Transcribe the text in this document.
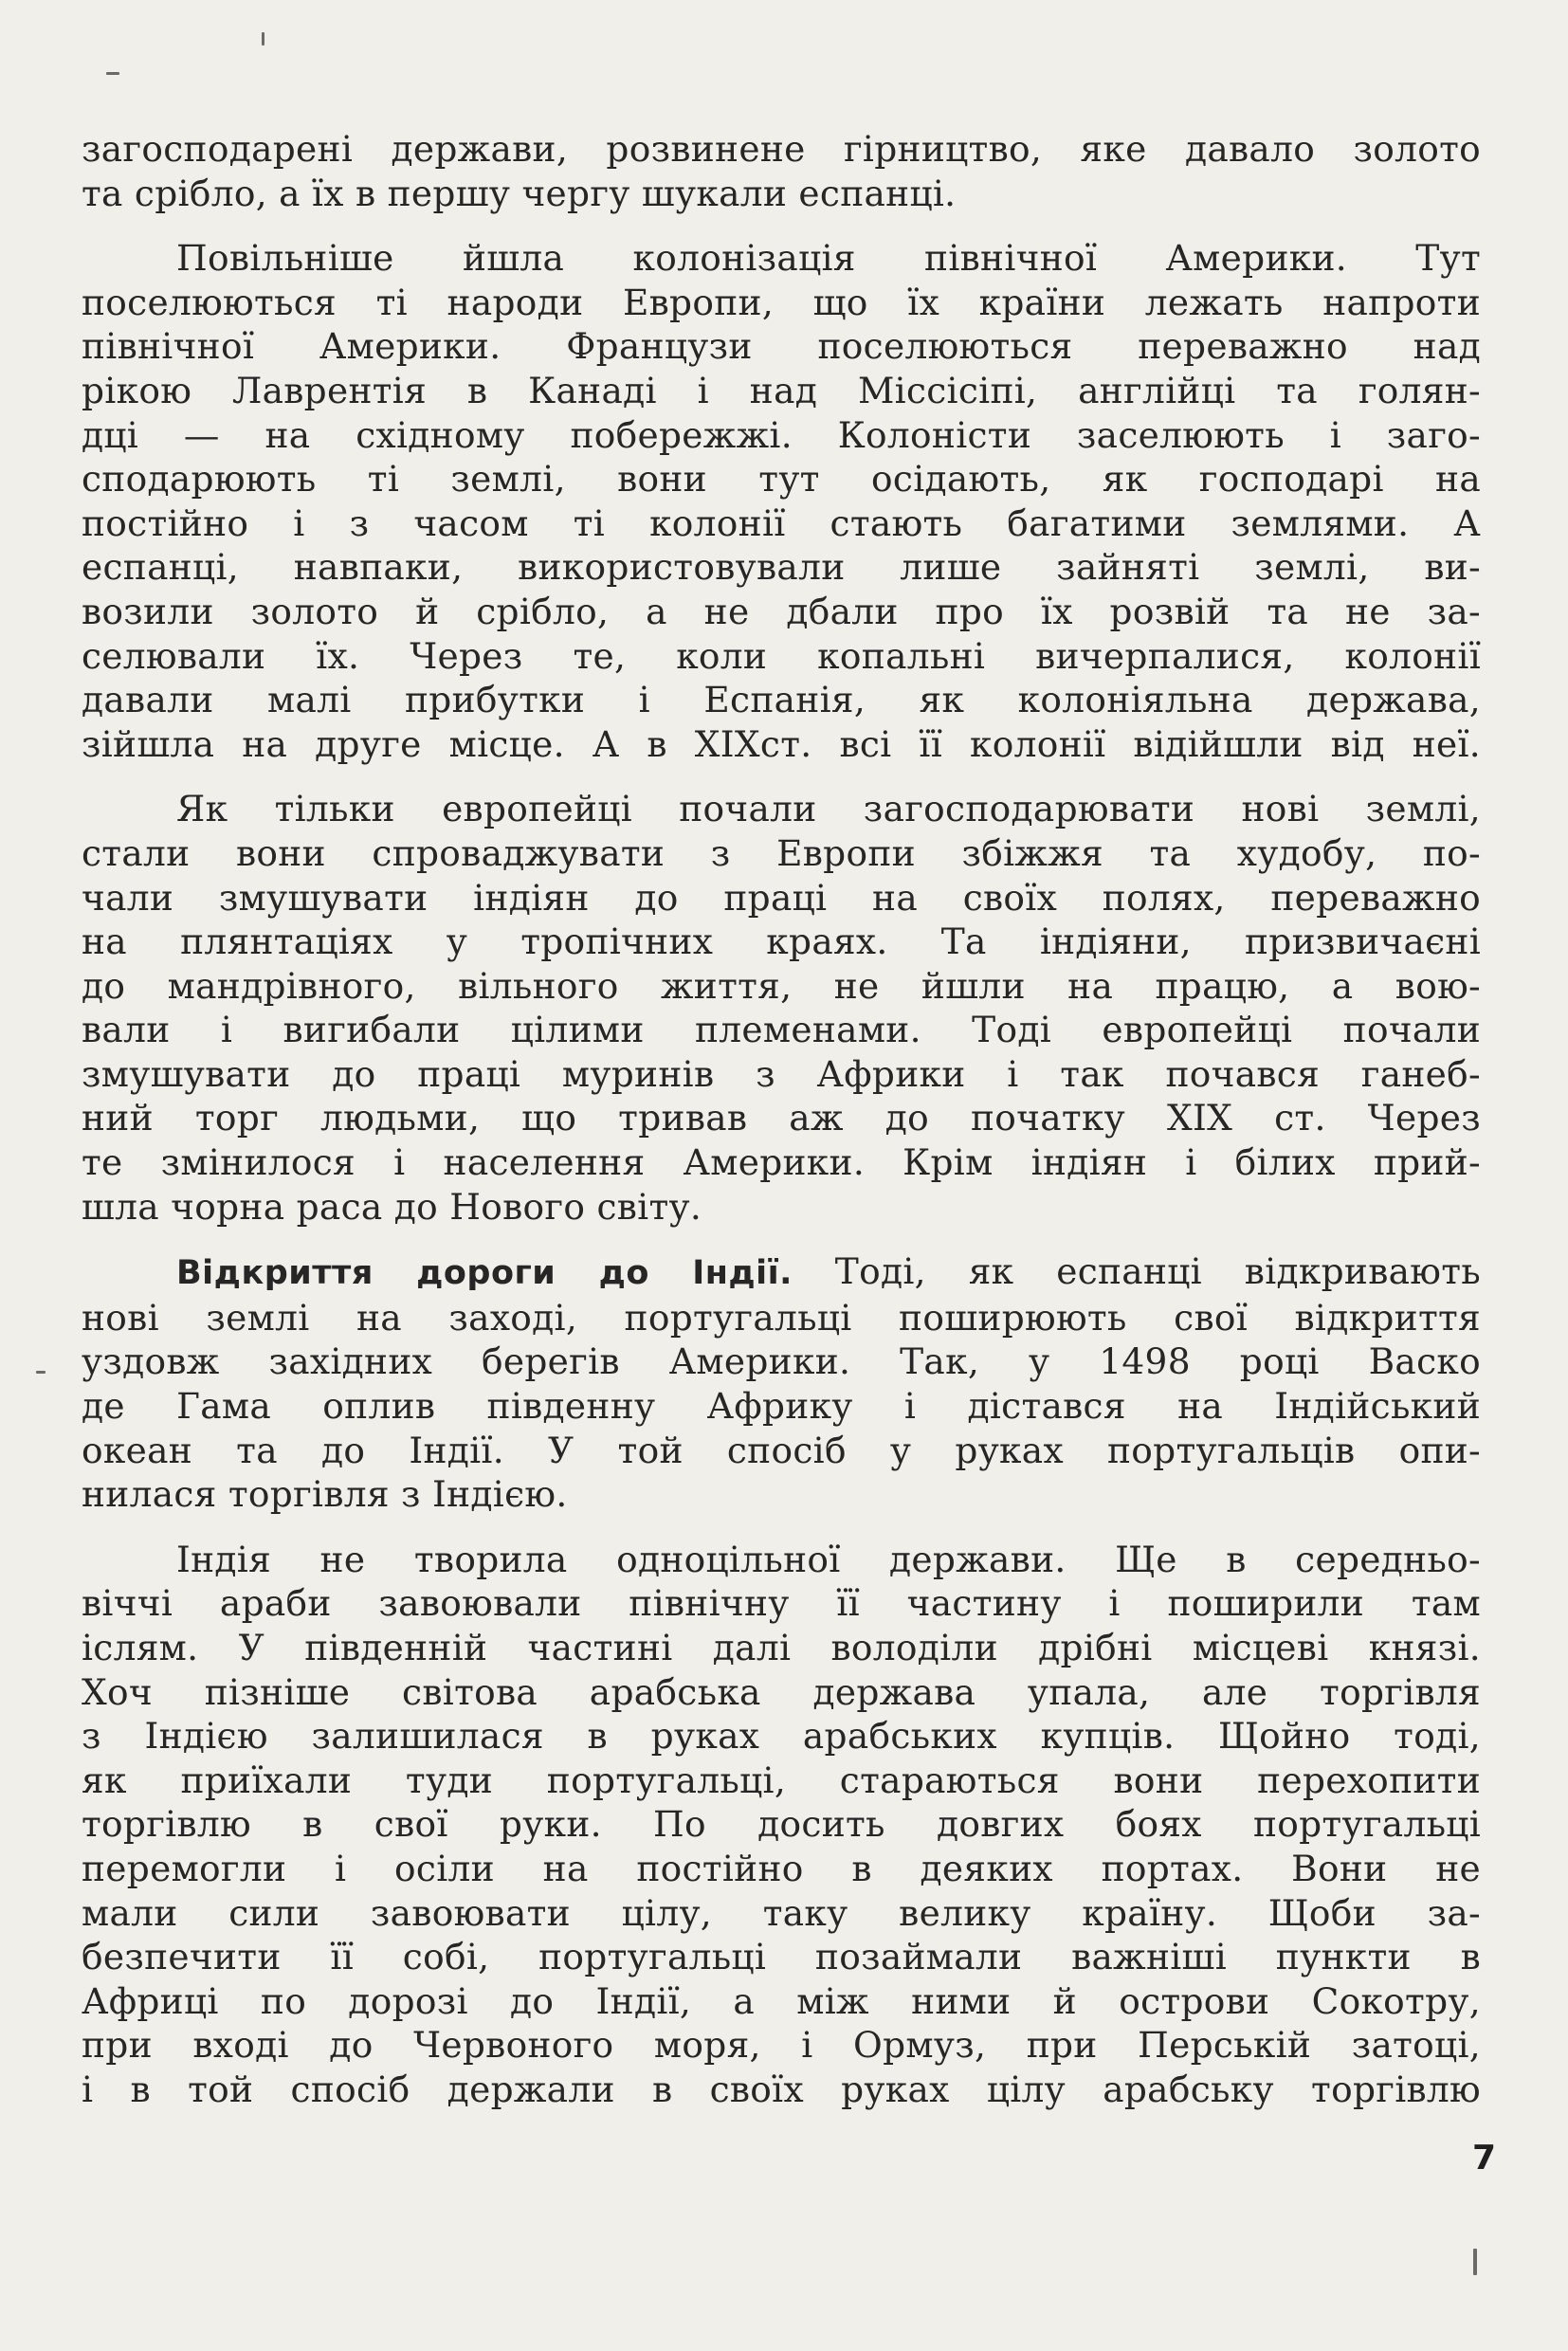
загосподарені держави, розвинене гірництво, яке давало золото
та срібло, а їх в першу чергу шукали еспанці.

Повільніше йшла колонізація північної Америки. Тут
поселюються ті народи Европи, що їх країни лежать напроти
північної Америки. Французи поселюються переважно над
рікою Лаврентія в Канаді і над Міссісіпі, англійці та голян-
дці — на східному побережжі. Колоністи заселюють і заго-
сподарюють ті землі, вони тут осідають, як господарі на
постійно і з часом ті колонії стають багатими землями. А
еспанці, навпаки, використовували лише зайняті землі, ви-
возили золото й срібло, а не дбали про їх розвій та не за-
селювали їх. Через те, коли копальні вичерпалися, колонії
давали малі прибутки і Еспанія, як колоніяльна держава,
зійшла на друге місце. А в XIXст. всі її колонії відійшли від неї.

Як тільки европейці почали загосподарювати нові землі,
стали вони спроваджувати з Европи збіжжя та худобу, по-
чали змушувати індіян до праці на своїх полях, переважно
на плянтаціях у тропічних краях. Та індіяни, призвичаєні
до мандрівного, вільного життя, не йшли на працю, а вою-
вали і вигибали цілими племенами. Тоді европейці почали
змушувати до праці муринів з Африки і так почався ганеб-
ний торг людьми, що тривав аж до початку XIX ст. Через
те змінилося і населення Америки. Крім індіян і білих прий-
шла чорна раса до Нового світу.

Відкриття дороги до Індії. Тоді, як еспанці відкривають
нові землі на заході, португальці поширюють свої відкриття
уздовж західних берегів Америки. Так, у 1498 році Васко
де Гама оплив південну Африку і дістався на Індійський
океан та до Індії. У той спосіб у руках португальців опи-
нилася торгівля з Індією.

Індія не творила одноцільної держави. Ще в середньо-
віччі араби завоювали північну її частину і поширили там
іслям. У південній частині далі володіли дрібні місцеві князі.
Хоч пізніше світова арабська держава упала, але торгівля
з Індією залишилася в руках арабських купців. Щойно тоді,
як приїхали туди португальці, стараються вони перехопити
торгівлю в свої руки. По досить довгих боях португальці
перемогли і осіли на постійно в деяких портах. Вони не
мали сили завоювати цілу, таку велику країну. Щоби за-
безпечити її собі, португальці позаймали важніші пункти в
Африці по дорозі до Індії, а між ними й острови Сокотру,
при вході до Червоного моря, і Ормуз, при Перській затоці,
і в той спосіб держали в своїх руках цілу арабську торгівлю

7
